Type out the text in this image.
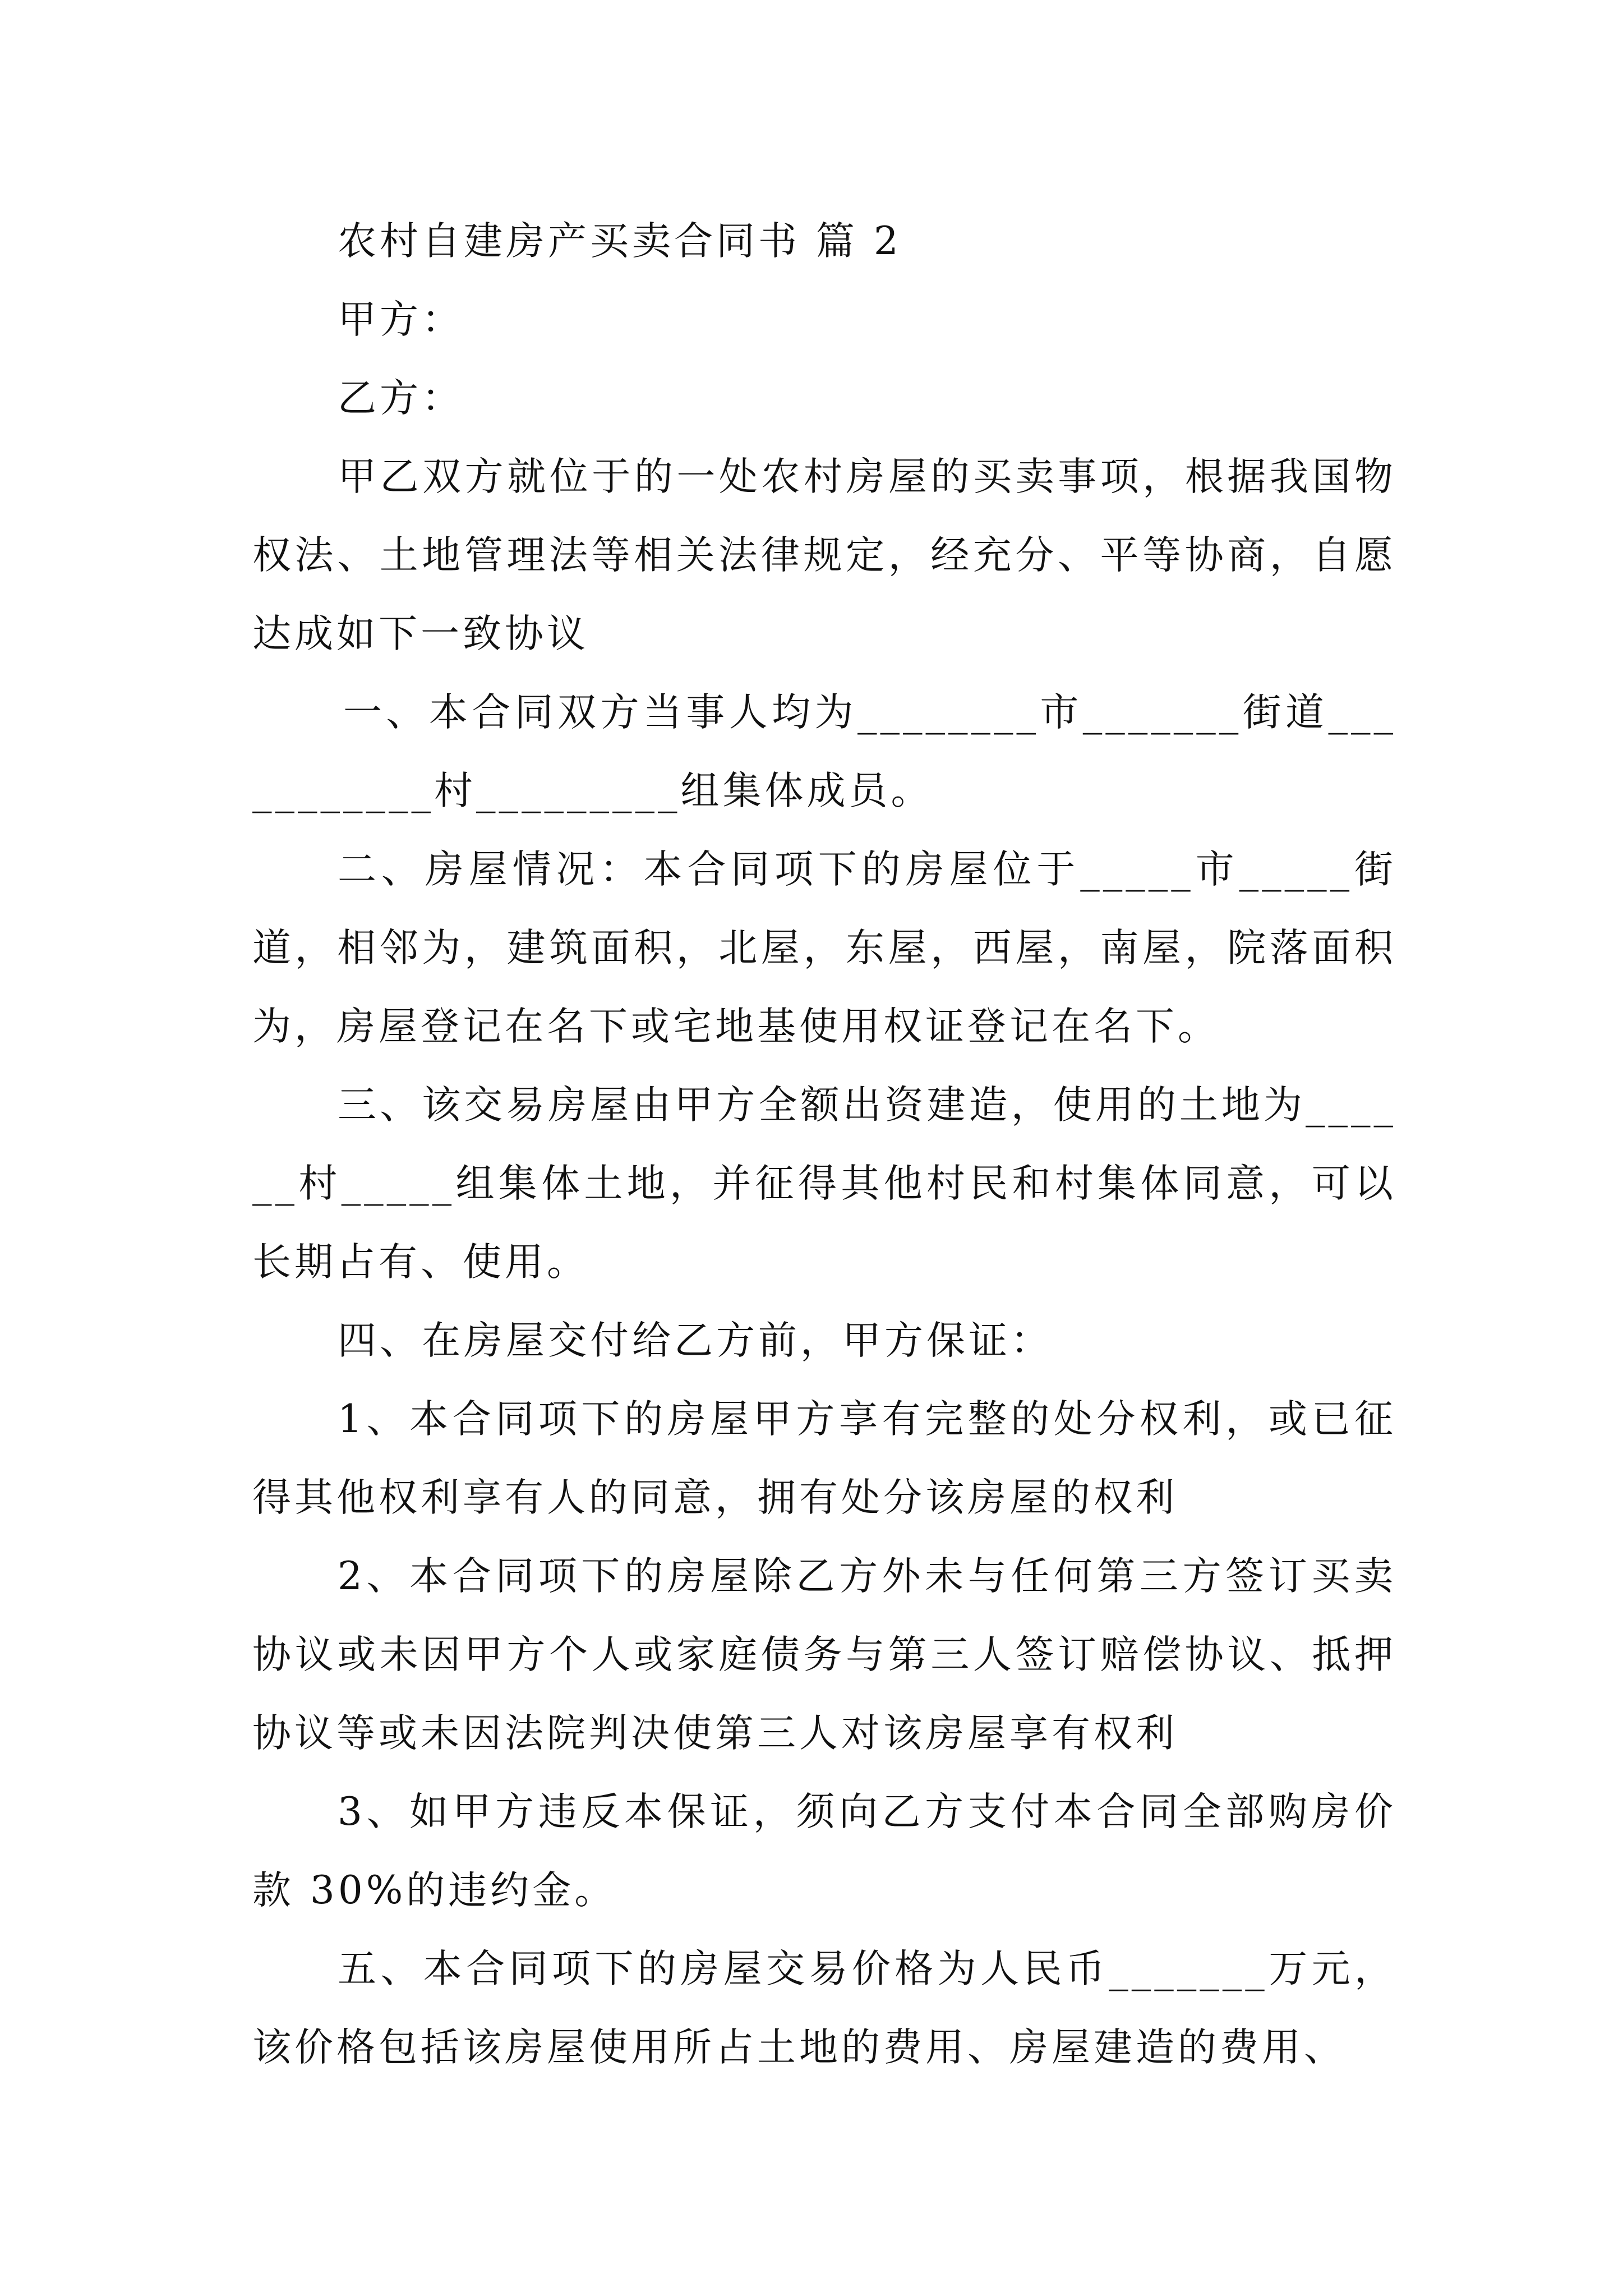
农村自建房产买卖合同书 篇 2

甲方：

乙方：

甲乙双方就位于的一处农村房屋的买卖事项，根据我国物权法、土地管理法等相关法律规定，经充分、平等协商，自愿达成如下一致协议

一、本合同双方当事人均为________市_______街道___________村_________组集体成员。

二、房屋情况：本合同项下的房屋位于_____市_____街道，相邻为，建筑面积，北屋，东屋，西屋，南屋，院落面积为，房屋登记在名下或宅地基使用权证登记在名下。

三、该交易房屋由甲方全额出资建造，使用的土地为______村_____组集体土地，并征得其他村民和村集体同意，可以长期占有、使用。

四、在房屋交付给乙方前，甲方保证：

1、本合同项下的房屋甲方享有完整的处分权利，或已征得其他权利享有人的同意，拥有处分该房屋的权利

2、本合同项下的房屋除乙方外未与任何第三方签订买卖协议或未因甲方个人或家庭债务与第三人签订赔偿协议、抵押协议等或未因法院判决使第三人对该房屋享有权利

3、如甲方违反本保证，须向乙方支付本合同全部购房价款 30%的违约金。

五、本合同项下的房屋交易价格为人民币_______万元，该价格包括该房屋使用所占土地的费用、房屋建造的费用、
